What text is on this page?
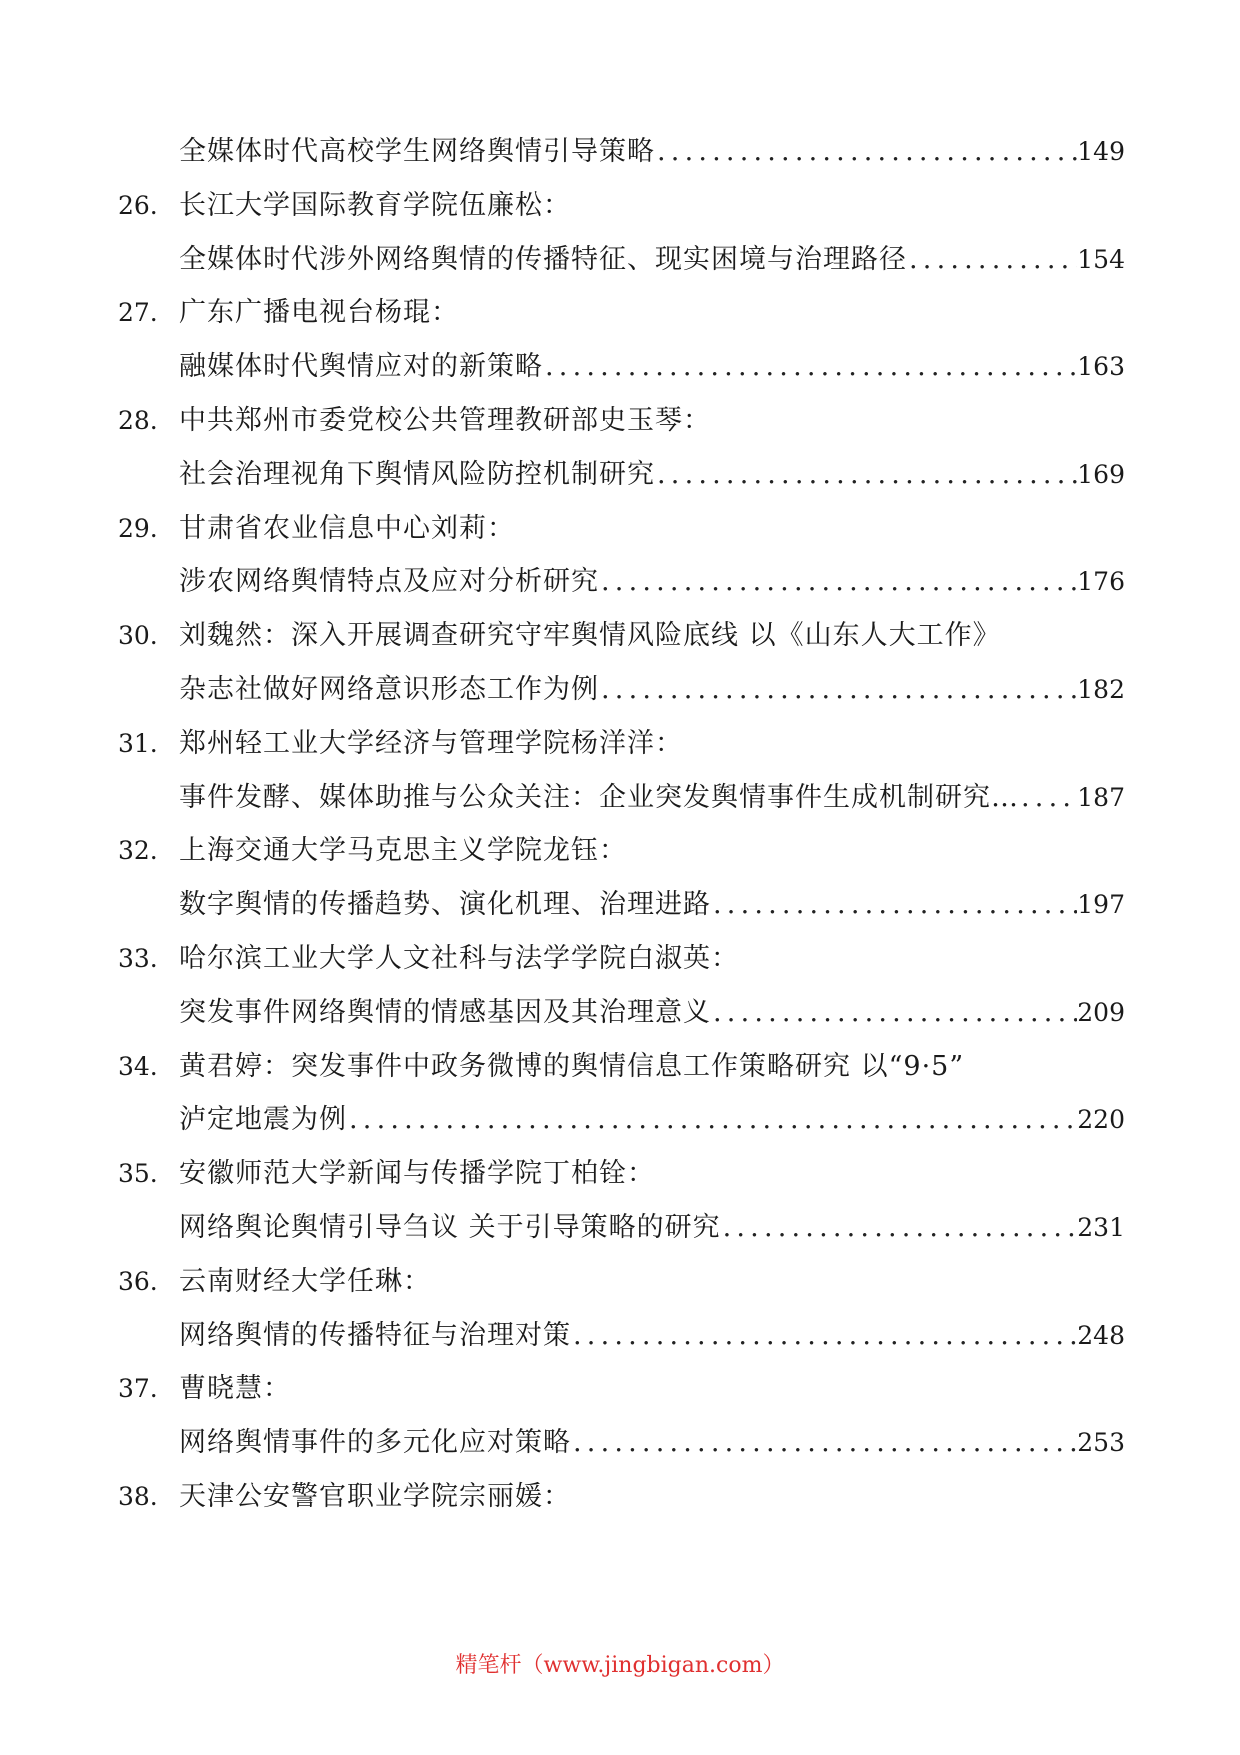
全媒体时代高校学生网络舆情引导策略 .....	149
26. 长江大学国际教育学院伍廉松：
全媒体时代涉外网络舆情的传播特征、现实困境与治理路径 .....	154
27. 广东广播电视台杨琨：
融媒体时代舆情应对的新策略 .....	163
28. 中共郑州市委党校公共管理教研部史玉琴：
社会治理视角下舆情风险防控机制研究 .....	169
29. 甘肃省农业信息中心刘莉：
涉农网络舆情特点及应对分析研究 .....	176
30. 刘魏然：深入开展调查研究守牢舆情风险底线 以《山东人大工作》
杂志社做好网络意识形态工作为例 .....	182
31. 郑州轻工业大学经济与管理学院杨洋洋：
事件发酵、媒体助推与公众关注：企业突发舆情事件生成机制研究… ..... 187
32. 上海交通大学马克思主义学院龙钰：
数字舆情的传播趋势、演化机理、治理进路 .....	197
33. 哈尔滨工业大学人文社科与法学学院白淑英：
突发事件网络舆情的情感基因及其治理意义 .....	209
34. 黄君婷：突发事件中政务微博的舆情信息工作策略研究 以“9·5”
泸定地震为例 .....	220
35. 安徽师范大学新闻与传播学院丁柏铨：
网络舆论舆情引导刍议 关于引导策略的研究 .....	231
36. 云南财经大学任琳：
网络舆情的传播特征与治理对策 .....	248
37. 曹晓慧：
网络舆情事件的多元化应对策略 .....	253
38. 天津公安警官职业学院宗丽媛：
精笔杆（www.jingbigan.com）
